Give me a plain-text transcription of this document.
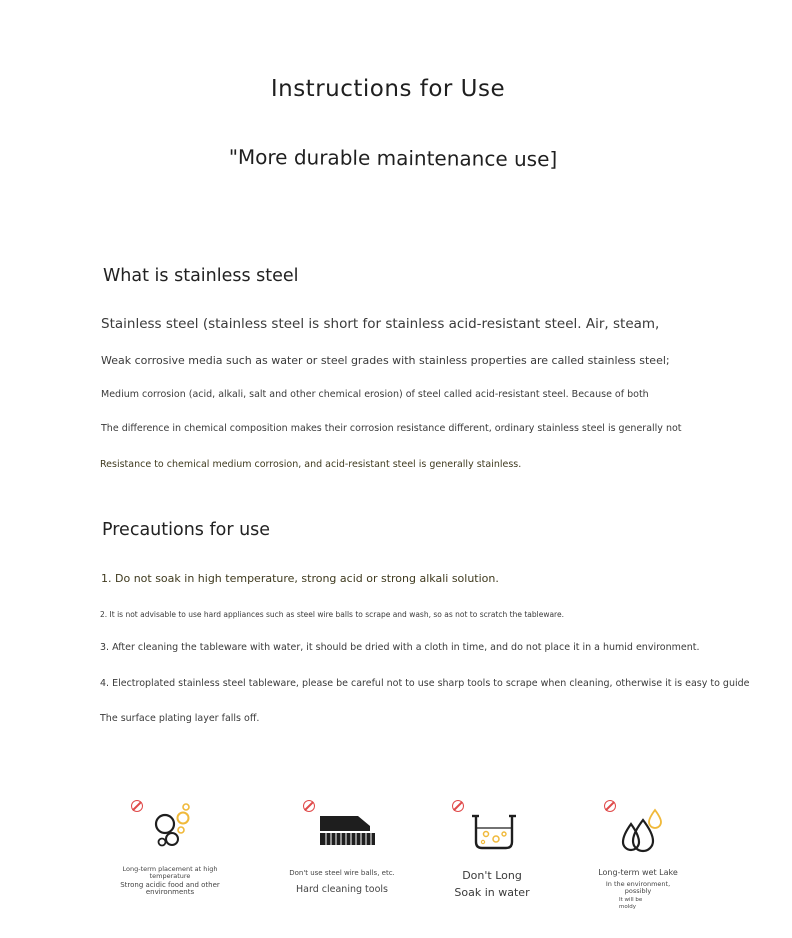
Instructions for Use
"More durable maintenance use]
What is stainless steel
Stainless steel (stainless steel is short for stainless acid-resistant steel. Air, steam,
Weak corrosive media such as water or steel grades with stainless properties are called stainless steel;
Medium corrosion (acid, alkali, salt and other chemical erosion) of steel called acid-resistant steel. Because of both
The difference in chemical composition makes their corrosion resistance different, ordinary stainless steel is generally not
Resistance to chemical medium corrosion, and acid-resistant steel is generally stainless.
Precautions for use
1. Do not soak in high temperature, strong acid or strong alkali solution.
2. It is not advisable to use hard appliances such as steel wire balls to scrape and wash, so as not to scratch the tableware.
3. After cleaning the tableware with water, it should be dried with a cloth in time, and do not place it in a humid environment.
4. Electroplated stainless steel tableware, please be careful not to use sharp tools to scrape when cleaning, otherwise it is easy to guide
The surface plating layer falls off.
Long-term placement at high
temperature
Strong acidic food and other
environments
Don't use steel wire balls, etc.
Hard cleaning tools
Don't Long
Soak in water
Long-term wet Lake
In the environment,
possibly
It will be
moldy
